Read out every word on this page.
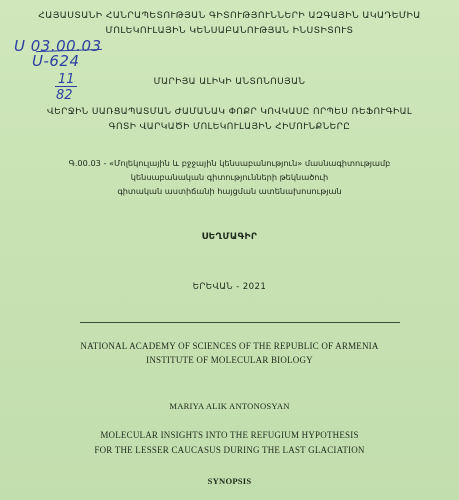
U 03.00.03
U-624
11
82
ՀԱՅԱՍՏԱՆԻ ՀԱՆՐԱՊԵՏՈՒԹՅԱՆ ԳԻՏՈՒԹՅՈՒՆՆԵՐԻ ԱԶԳԱՅԻՆ ԱԿԱԴԵՄԻԱ
ՄՈԼԵԿՈՒԼԱՅԻՆ ԿԵՆՍԱԲԱՆՈՒԹՅԱՆ ԻՆՍՏԻՏՈՒՏ
ՄԱՐԻՅԱ ԱԼԻԿԻ ԱՆՏՈՆՈՍՅԱՆ
ՎԵՐՋԻՆ ՍԱՌՑԱՊԱՏՄԱՆ ԺԱՄԱՆԱԿ ՓՈՔՐ ԿՈՎԿԱՍԸ ՈՐՊԵՍ ՌԵՖՈՒԳԻԱԼ
ԳՈՏԻ ՎԱՐԿԱԾԻ ՄՈԼԵԿՈՒԼԱՅԻՆ ՀԻՄՈՒՆՔՆԵՐԸ
Գ.00.03 - «Մոլեկուլային և բջջային կենսաբանություն» մասնագիտությամբ
կենսաբանական գիտությունների թեկնածուի
գիտական աստիճանի հայցման ատենախոսության
ՍԵՂՄԱԳԻՐ
ԵՐԵՎԱՆ - 2021
NATIONAL ACADEMY OF SCIENCES OF THE REPUBLIC OF ARMENIA
INSTITUTE OF MOLECULAR BIOLOGY
MARIYA ALIK ANTONOSYAN
MOLECULAR INSIGHTS INTO THE REFUGIUM HYPOTHESIS
FOR THE LESSER CAUCASUS DURING THE LAST GLACIATION
SYNOPSIS
